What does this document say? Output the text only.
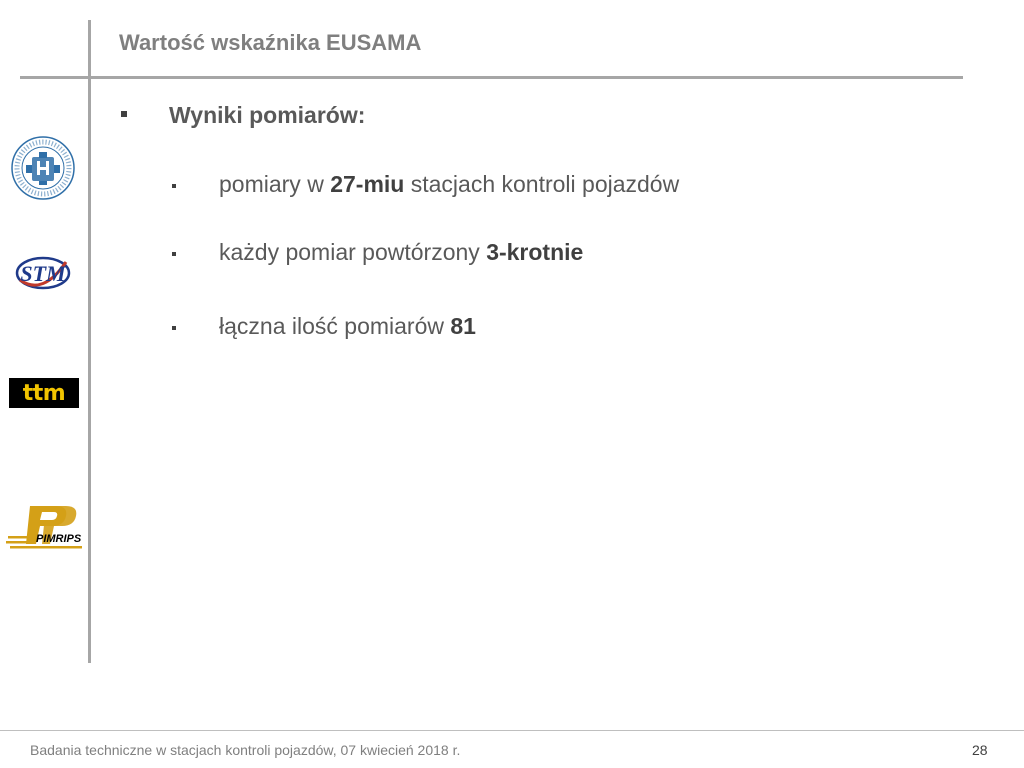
Wartość wskaźnika EUSAMA
Wyniki pomiarów:
pomiary w 27-miu stacjach kontroli pojazdów
każdy pomiar powtórzony 3-krotnie
łączna ilość pomiarów 81
STM
ttm
PIMRIPS
Badania techniczne w stacjach kontroli pojazdów, 07 kwiecień 2018 r.	28
